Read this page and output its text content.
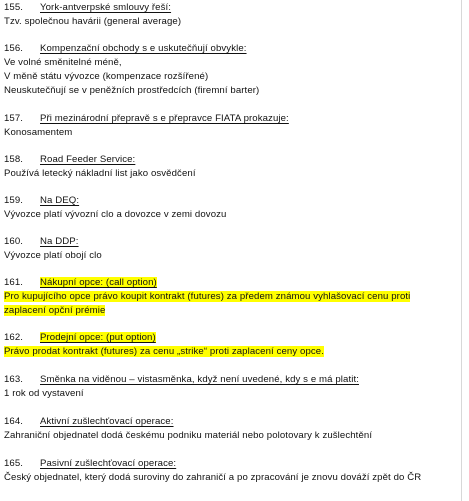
155. York-antverpské smlouvy řeší:
Tzv. společnou havárii (general average)
156. Kompenzační obchody s e uskutečňují obvykle:
Ve volné směnitelné méně,
V měně státu vývozce (kompenzace rozšířené)
Neuskutečňují se v peněžních prostředcích (firemní barter)
157. Při mezinárodní přepravě s e přepravce FIATA prokazuje:
Konosamentem
158. Road Feeder Service:
Používá letecký nákladní list jako osvědčení
159. Na DEQ:
Vývozce platí vývozní clo a dovozce v zemi dovozu
160. Na DDP:
Vývozce platí obojí clo
161. Nákupní opce: (call option)
Pro kupujícího opce právo koupit kontrakt (futures) za předem známou vyhlašovací cenu proti
zaplacení opční prémie
162. Prodejní opce: (put option)
Právo prodat kontrakt (futures) za cenu „strike“ proti zaplacení ceny opce.
163. Směnka na viděnou – vistasměnka, když není uvedené, kdy s e má platit:
1 rok od vystavení
164. Aktivní zušlechťovací operace:
Zahraniční objednatel dodá českému podniku materiál nebo polotovary k zušlechtění
165. Pasivní zušlechťovací operace:
Český objednatel, který dodá suroviny do zahraničí a po zpracování je znovu dováží zpět do ČR
